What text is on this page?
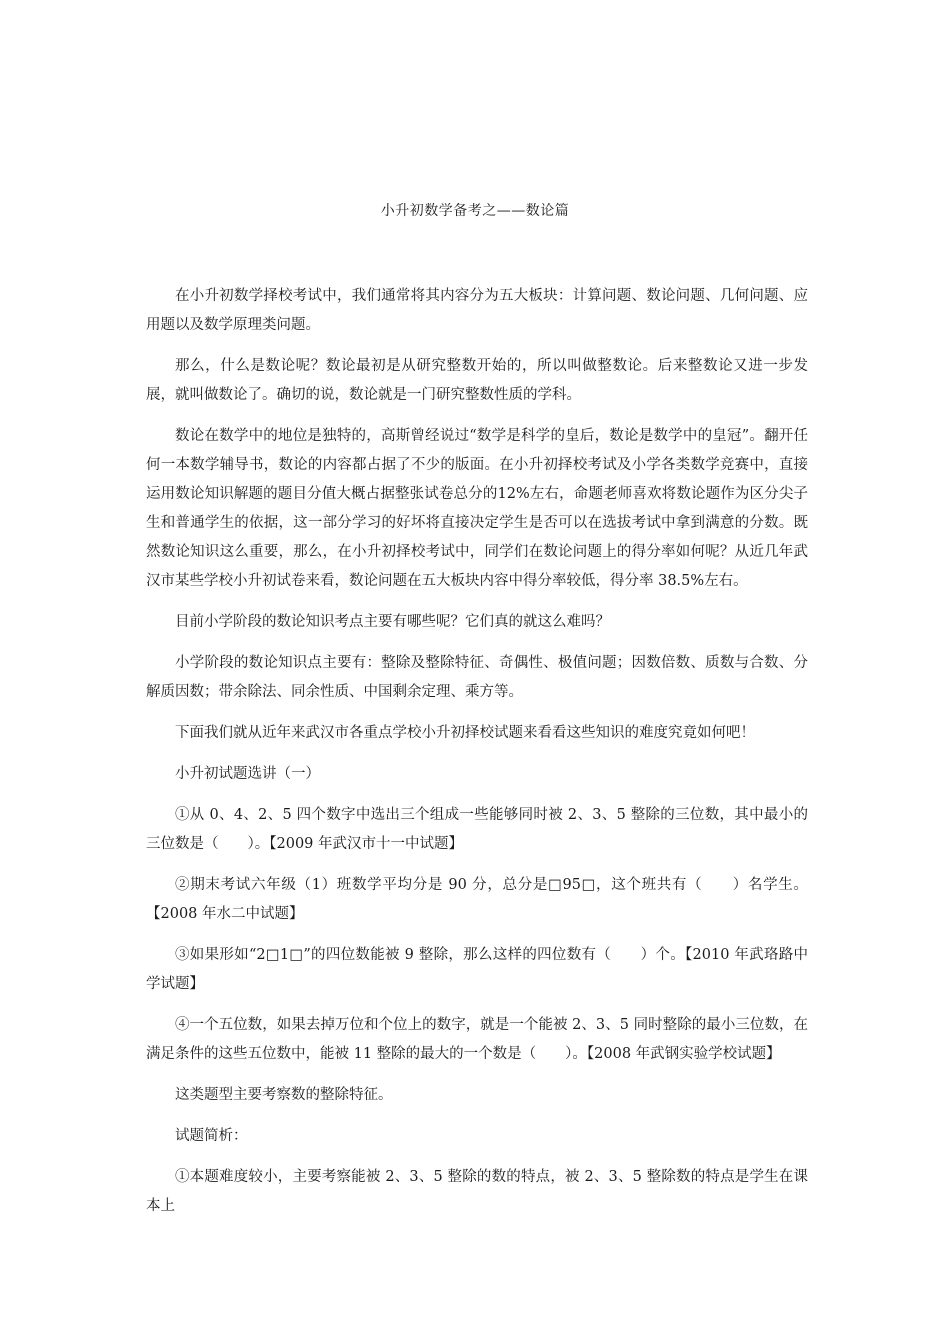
小升初数学备考之——数论篇

在小升初数学择校考试中，我们通常将其内容分为五大板块：计算问题、数论问题、几何问题、应用题以及数学原理类问题。

那么，什么是数论呢？数论最初是从研究整数开始的，所以叫做整数论。后来整数论又进一步发展，就叫做数论了。确切的说，数论就是一门研究整数性质的学科。

数论在数学中的地位是独特的，高斯曾经说过“数学是科学的皇后，数论是数学中的皇冠”。翻开任何一本数学辅导书，数论的内容都占据了不少的版面。在小升初择校考试及小学各类数学竞赛中，直接运用数论知识解题的题目分值大概占据整张试卷总分的12%左右，命题老师喜欢将数论题作为区分尖子生和普通学生的依据，这一部分学习的好坏将直接决定学生是否可以在选拔考试中拿到满意的分数。既然数论知识这么重要，那么，在小升初择校考试中，同学们在数论问题上的得分率如何呢？从近几年武汉市某些学校小升初试卷来看，数论问题在五大板块内容中得分率较低，得分率 38.5%左右。

目前小学阶段的数论知识考点主要有哪些呢？它们真的就这么难吗？

小学阶段的数论知识点主要有：整除及整除特征、奇偶性、极值问题；因数倍数、质数与合数、分解质因数；带余除法、同余性质、中国剩余定理、乘方等。

下面我们就从近年来武汉市各重点学校小升初择校试题来看看这些知识的难度究竟如何吧！

小升初试题选讲（一）

①从 0、4、2、5 四个数字中选出三个组成一些能够同时被 2、3、5 整除的三位数，其中最小的三位数是（　　）。【2009 年武汉市十一中试题】

②期末考试六年级（1）班数学平均分是 90 分，总分是□95□，这个班共有（　　）名学生。【2008 年水二中试题】

③如果形如“2□1□”的四位数能被 9 整除，那么这样的四位数有（　　）个。【2010 年武珞路中学试题】

④一个五位数，如果去掉万位和个位上的数字，就是一个能被 2、3、5 同时整除的最小三位数，在满足条件的这些五位数中，能被 11 整除的最大的一个数是（　　）。【2008 年武钢实验学校试题】

这类题型主要考察数的整除特征。

试题简析：

①本题难度较小，主要考察能被 2、3、5 整除的数的特点，被 2、3、5 整除数的特点是学生在课本上
